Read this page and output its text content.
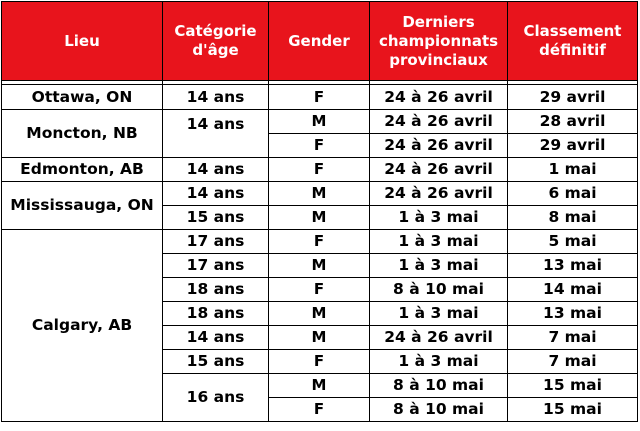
Lieu	Catégorie d'âge	Gender	Derniers championnats provinciaux	Classement définitif

Ottawa, ON	14 ans	F	24 à 26 avril	29 avril
Moncton, NB	14 ans	M	24 à 26 avril	28 avril
		F	24 à 26 avril	29 avril
Edmonton, AB	14 ans	F	24 à 26 avril	1 mai
Mississauga, ON	14 ans	M	24 à 26 avril	6 mai
	15 ans	M	1 à 3 mai	8 mai
Calgary, AB	17 ans	F	1 à 3 mai	5 mai
	17 ans	M	1 à 3 mai	13 mai
	18 ans	F	8 à 10 mai	14 mai
	18 ans	M	1 à 3 mai	13 mai
	14 ans	M	24 à 26 avril	7 mai
	15 ans	F	1 à 3 mai	7 mai
	16 ans	M	8 à 10 mai	15 mai
		F	8 à 10 mai	15 mai
